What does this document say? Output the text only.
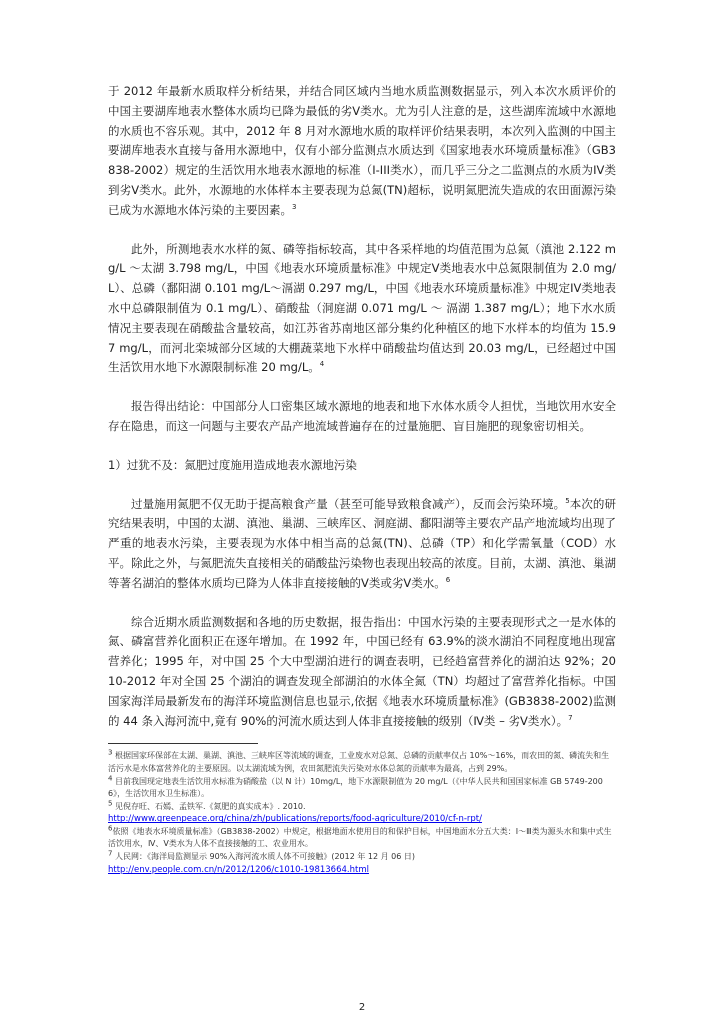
于 2012 年最新水质取样分析结果，并结合同区域内当地水质监测数据显示，列入本次水质评价的中国主要湖库地表水整体水质均已降为最低的劣V类水。尤为引人注意的是，这些湖库流域中水源地的水质也不容乐观。其中，2012 年 8 月对水源地水质的取样评价结果表明，本次列入监测的中国主要湖库地表水直接与备用水源地中，仅有小部分监测点水质达到《国家地表水环境质量标准》（GB3838-2002）规定的生活饮用水地表水源地的标准（I-III类水），而几乎三分之二监测点的水质为IV类到劣V类水。此外，水源地的水体样本主要表现为总氮(TN)超标，说明氮肥流失造成的农田面源污染已成为水源地水体污染的主要因素。$^3$

此外，所测地表水水样的氮、磷等指标较高，其中各采样地的均值范围为总氮（滇池 2.122 mg/L ～太湖 3.798 mg/L，中国《地表水环境质量标准》中规定V类地表水中总氮限制值为 2.0 mg/L）、总磷（鄱阳湖 0.101 mg/L～滆湖 0.297 mg/L，中国《地表水环境质量标准》中规定IV类地表水中总磷限制值为 0.1 mg/L）、硝酸盐（洞庭湖 0.071 mg/L ～ 滆湖 1.387 mg/L）；地下水水质情况主要表现在硝酸盐含量较高，如江苏省苏南地区部分集约化种植区的地下水样本的均值为 15.97 mg/L，而河北栾城部分区域的大棚蔬菜地下水样中硝酸盐均值达到 20.03 mg/L，已经超过中国生活饮用水地下水源限制标准 20 mg/L。$^4$

报告得出结论：中国部分人口密集区域水源地的地表和地下水体水质令人担忧，当地饮用水安全存在隐患，而这一问题与主要农产品产地流域普遍存在的过量施肥、盲目施肥的现象密切相关。

1）过犹不及：氮肥过度施用造成地表水源地污染

过量施用氮肥不仅无助于提高粮食产量（甚至可能导致粮食减产），反而会污染环境。$^5$本次的研究结果表明，中国的太湖、滇池、巢湖、三峡库区、洞庭湖、鄱阳湖等主要农产品产地流域均出现了严重的地表水污染，主要表现为水体中相当高的总氮(TN)、总磷（TP）和化学需氧量（COD）水平。除此之外，与氮肥流失直接相关的硝酸盐污染物也表现出较高的浓度。目前，太湖、滇池、巢湖等著名湖泊的整体水质均已降为人体非直接接触的Ⅴ类或劣V类水。$^6$

综合近期水质监测数据和各地的历史数据，报告指出：中国水污染的主要表现形式之一是水体的氮、磷富营养化面积正在逐年增加。在 1992 年，中国已经有 63.9%的淡水湖泊不同程度地出现富营养化；1995 年，对中国 25 个大中型湖泊进行的调查表明，已经趋富营养化的湖泊达 92%；2010-2012 年对全国 25 个湖泊的调查发现全部湖泊的水体全氮（TN）均超过了富营养化指标。中国国家海洋局最新发布的海洋环境监测信息也显示,依据《地表水环境质量标准》(GB3838-2002)监测的 44 条入海河流中,竟有 90%的河流水质达到人体非直接接触的级别（Ⅳ类 – 劣V类水）。$^7$

$^3$ 根据国家环保部在太湖、巢湖、滇池、三峡库区等流域的调查，工业废水对总氮、总磷的贡献率仅占 10%～16%，而农田的氮、磷流失和生活污水是水体富营养化的主要原因。以太湖流域为例，农田氮肥流失污染对水体总氮的贡献率为最高，占到 29%。

$^4$ 目前我国现定地表生活饮用水标准为硝酸盐（以 N 计）10mg/L，地下水源限制值为 20 mg/L（《中华人民共和国国家标准 GB 5749-2006》，生活饮用水卫生标准）。

$^5$ 见倪存旺、石嫣、孟铁军.《氮肥的真实成本》. 2010.

http://www.greenpeace.org/china/zh/publications/reports/food-agriculture/2010/cf-n-rpt/

$^6$依照《地表水环境质量标准》（GB3838-2002）中规定，根据地面水使用目的和保护目标，中国地面水分五大类：Ⅰ～Ⅲ类为源头水和集中式生活饮用水，Ⅳ、Ⅴ类水为人体不直接接触的工、农业用水。

$^7$ 人民网：《海洋局监测显示 90%入海河流水质人体不可接触》(2012 年 12 月 06 日)

http://env.people.com.cn/n/2012/1206/c1010-19813664.html

2
